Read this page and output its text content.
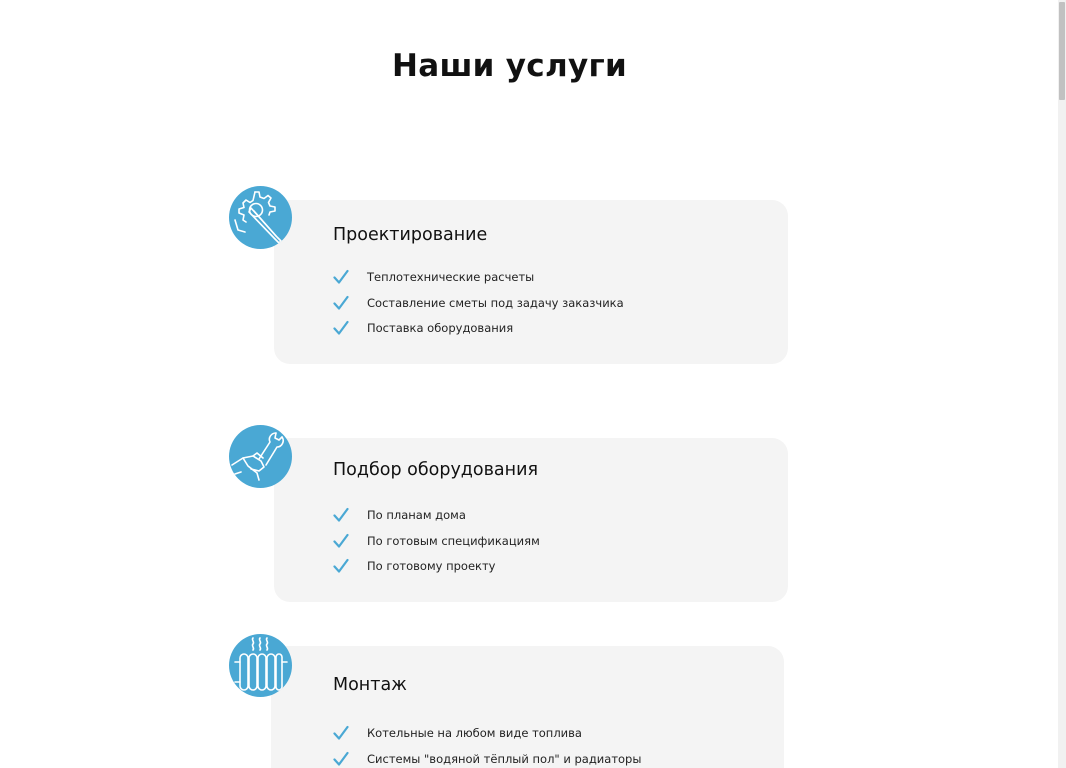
Наши услуги
Проектирование
Теплотехнические расчеты
Составление сметы под задачу заказчика
Поставка оборудования
Подбор оборудования
По планам дома
По готовым спецификациям
По готовому проекту
Монтаж
Котельные на любом виде топлива
Системы "водяной тёплый пол" и радиаторы
